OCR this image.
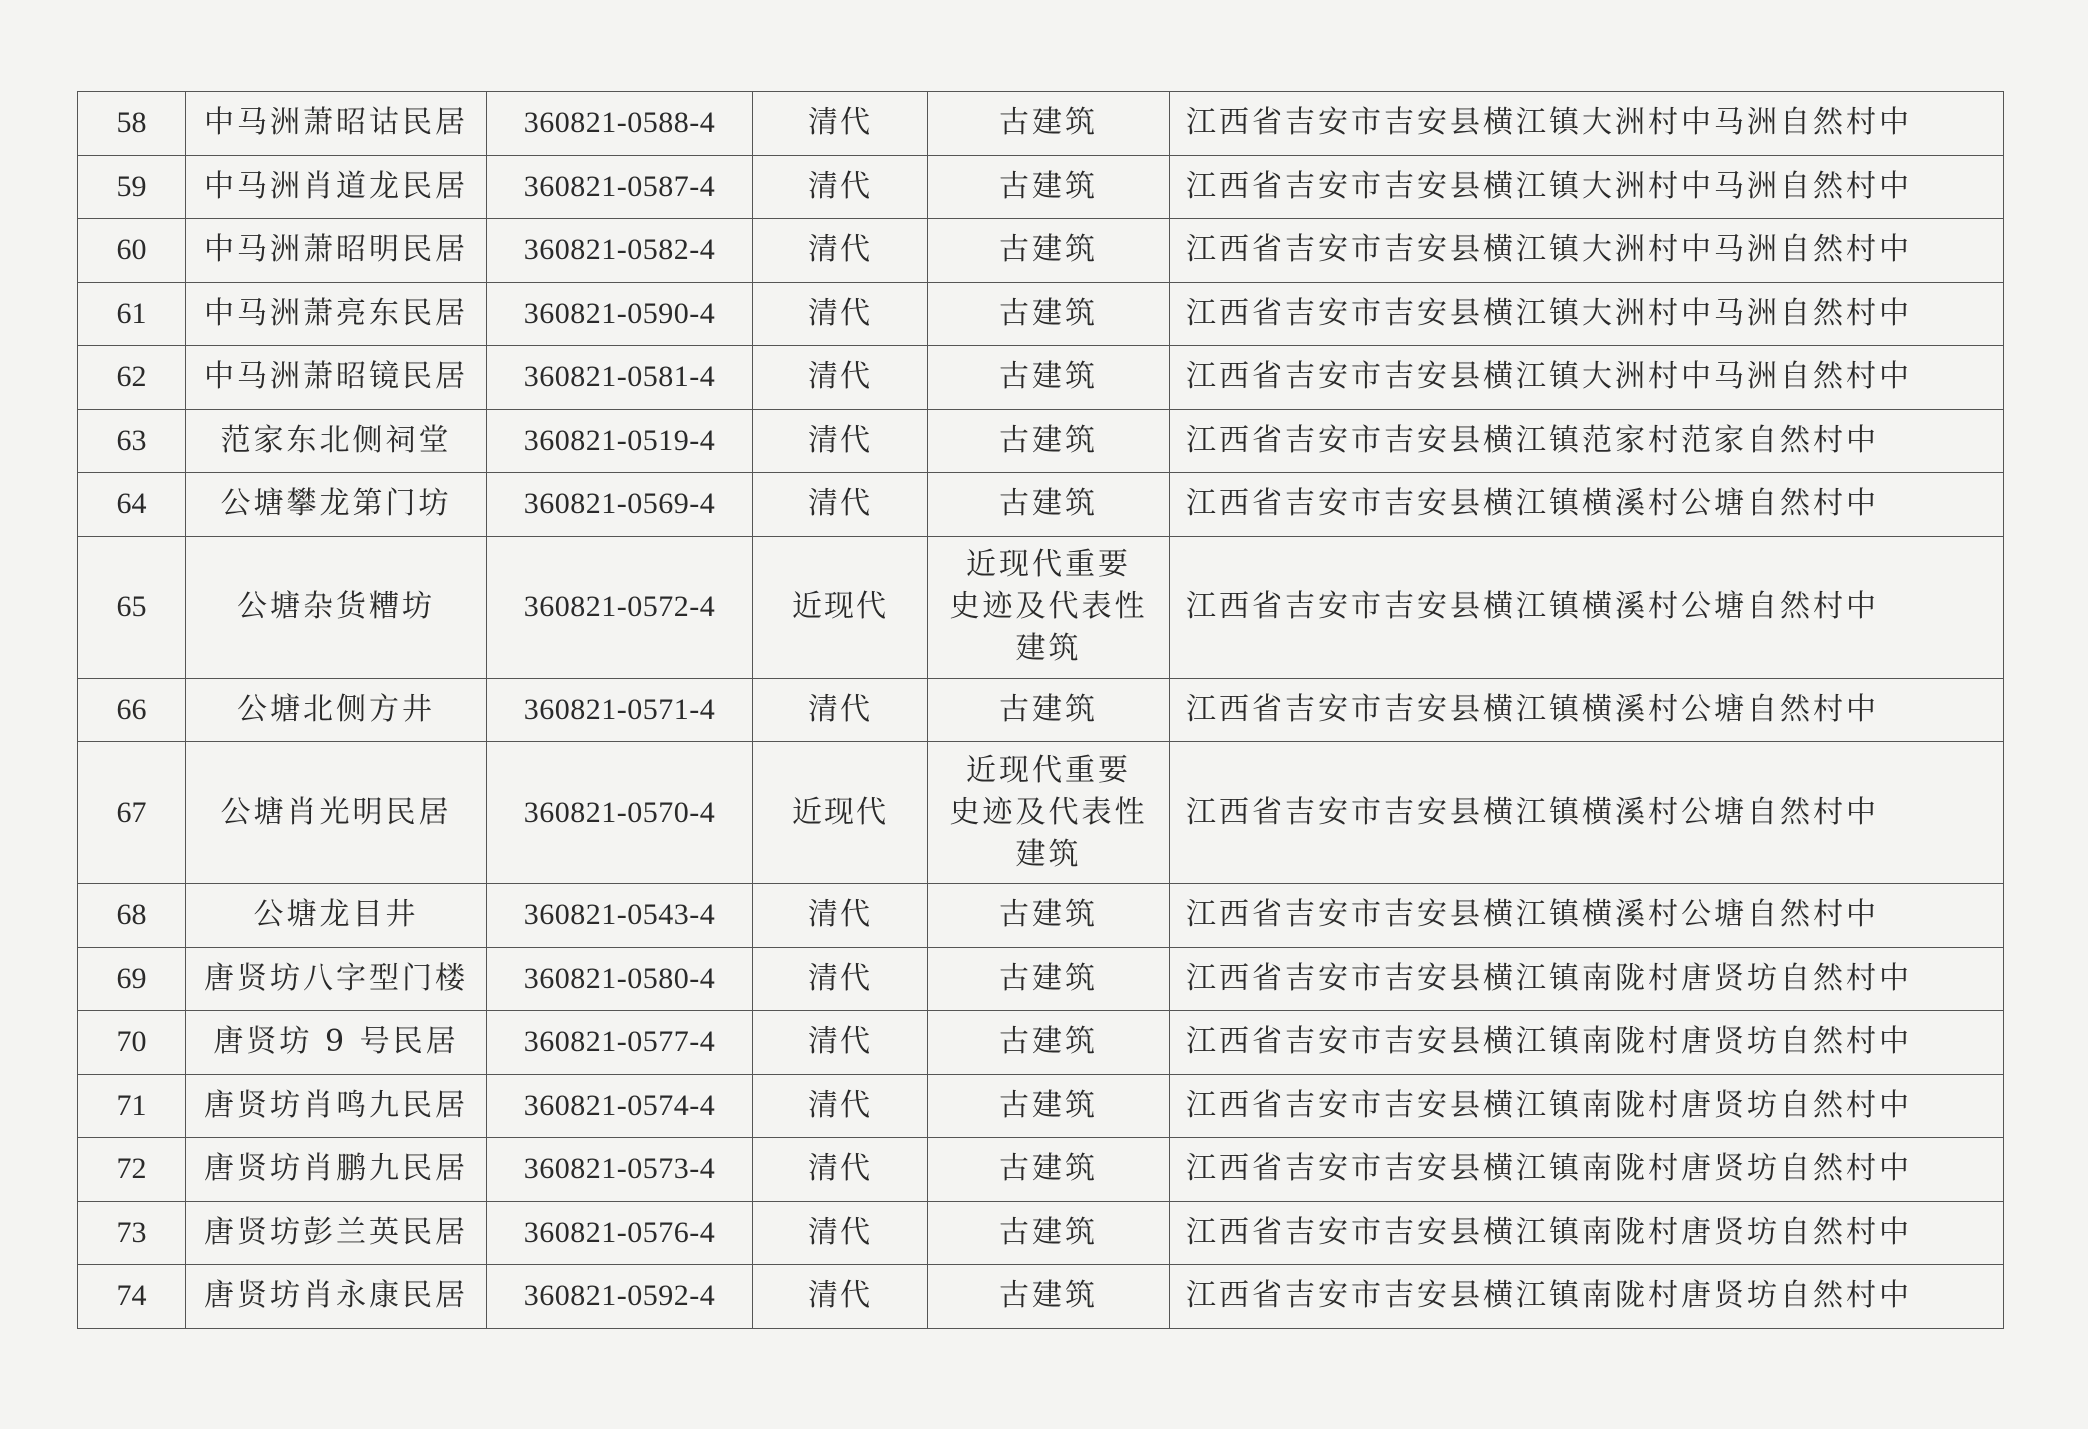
58	中马洲萧昭诂民居	360821-0588-4	清代	古建筑	江西省吉安市吉安县横江镇大洲村中马洲自然村中
59	中马洲肖道龙民居	360821-0587-4	清代	古建筑	江西省吉安市吉安县横江镇大洲村中马洲自然村中
60	中马洲萧昭明民居	360821-0582-4	清代	古建筑	江西省吉安市吉安县横江镇大洲村中马洲自然村中
61	中马洲萧亮东民居	360821-0590-4	清代	古建筑	江西省吉安市吉安县横江镇大洲村中马洲自然村中
62	中马洲萧昭镜民居	360821-0581-4	清代	古建筑	江西省吉安市吉安县横江镇大洲村中马洲自然村中
63	范家东北侧祠堂	360821-0519-4	清代	古建筑	江西省吉安市吉安县横江镇范家村范家自然村中
64	公塘攀龙第门坊	360821-0569-4	清代	古建筑	江西省吉安市吉安县横江镇横溪村公塘自然村中
65	公塘杂货糟坊	360821-0572-4	近现代	近现代重要
史迹及代表性
建筑	江西省吉安市吉安县横江镇横溪村公塘自然村中
66	公塘北侧方井	360821-0571-4	清代	古建筑	江西省吉安市吉安县横江镇横溪村公塘自然村中
67	公塘肖光明民居	360821-0570-4	近现代	近现代重要
史迹及代表性
建筑	江西省吉安市吉安县横江镇横溪村公塘自然村中
68	公塘龙目井	360821-0543-4	清代	古建筑	江西省吉安市吉安县横江镇横溪村公塘自然村中
69	唐贤坊八字型门楼	360821-0580-4	清代	古建筑	江西省吉安市吉安县横江镇南陇村唐贤坊自然村中
70	唐贤坊 9 号民居	360821-0577-4	清代	古建筑	江西省吉安市吉安县横江镇南陇村唐贤坊自然村中
71	唐贤坊肖鸣九民居	360821-0574-4	清代	古建筑	江西省吉安市吉安县横江镇南陇村唐贤坊自然村中
72	唐贤坊肖鹏九民居	360821-0573-4	清代	古建筑	江西省吉安市吉安县横江镇南陇村唐贤坊自然村中
73	唐贤坊彭兰英民居	360821-0576-4	清代	古建筑	江西省吉安市吉安县横江镇南陇村唐贤坊自然村中
74	唐贤坊肖永康民居	360821-0592-4	清代	古建筑	江西省吉安市吉安县横江镇南陇村唐贤坊自然村中
